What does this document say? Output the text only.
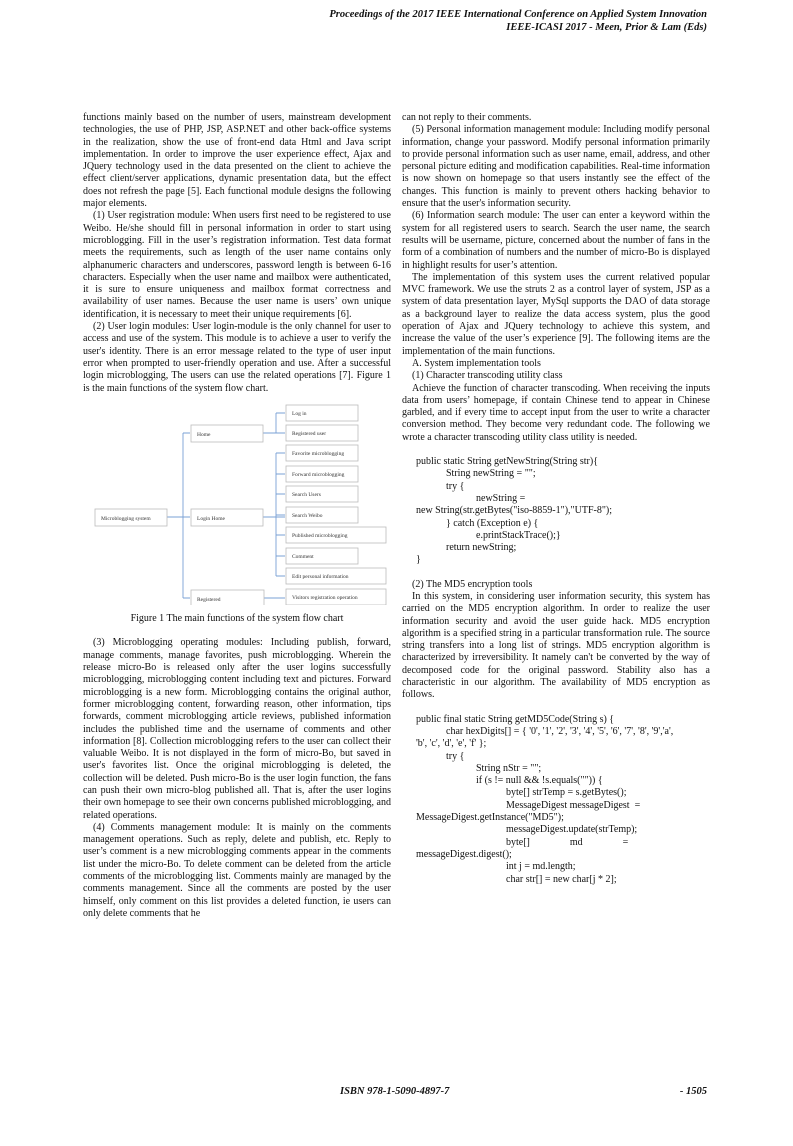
Proceedings of the 2017 IEEE International Conference on Applied System Innovation
IEEE-ICASI 2017 - Meen, Prior & Lam (Eds)

functions mainly based on the number of users, mainstream development technologies, the use of PHP, JSP, ASP.NET and other back-office systems in the realization, show the use of front-end data Html and Java script implementation. In order to improve the user experience effect, Ajax and JQuery technology used in the data presented on the client to achieve the effect client/server applications, dynamic presentation data, but the effect does not refresh the page [5]. Each functional module designs the following major elements.

(1) User registration module: When users first need to be registered to use Weibo. He/she should fill in personal information in order to start using microblogging. Fill in the user’s registration information. Test data format meets the requirements, such as length of the user name contains only alphanumeric characters and underscores, password length is between 6-16 characters. Especially when the user name and mailbox were authenticated, it is sure to ensure uniqueness and mailbox format correctness and availability of user names. Because the user name is users’ own unique identification, it is necessary to meet their unique requirements [6].

(2) User login modules: User login-module is the only channel for user to access and use of the system. This module is to achieve a user to verify the user's identity. There is an error message related to the type of user input error when prompted to user-friendly operation and use. After a successful login microblogging, The users can use the related operations [7]. Figure 1 is the main functions of the system flow chart.

Microblogging system
Home
Login Home
Registered
Log in
Registered user
Favorite microblogging
Forward microblogging
Search Users
Search Weibo
Published microblogging
Comment
Edit personal information
Visitors registration operation
Figure 1 The main functions of the system flow chart

(3) Microblogging operating modules: Including publish, forward, manage comments, manage favorites, push microblogging. Wherein the release micro-Bo is released only after the user logins successfully microblogging, microblogging content including text and pictures. Forward microblogging is a new form. Microblogging contains the original author, former microblogging content, forwarding reason, other information, tips forwards, comment microblogging article reviews, published information includes the published time and the username of comments and other information [8]. Collection microblogging refers to the user can collect their valuable Weibo. It is not displayed in the form of micro-Bo, but saved in user's favorites list. Once the original microblogging is deleted, the collection will be deleted. Push micro-Bo is the user login function, the fans can push their own micro-blog published all. That is, after the user logins their own homepage to see their own concerns published microblogging, and related operations.

(4) Comments management module: It is mainly on the comments management operations. Such as reply, delete and publish, etc. Reply to user’s comment is a new microblogging comments appear in the comments list under the micro-Bo. To delete comment can be deleted from the article comments of the microblogging list. Comments mainly are managed by the comments management. Since all the comments are posted by the user himself, only comment on this list provides a deleted function, ie users can only delete comments that he

can not reply to their comments.

(5) Personal information management module: Including modify personal information, change your password. Modify personal information primarily to provide personal information such as user name, email, address, and other personal picture editing and modification capabilities. Real-time information is now shown on homepage so that users instantly see the effect of the changes. This function is mainly to prevent others hacking behavior to ensure that the user's information security.

(6) Information search module: The user can enter a keyword within the system for all registered users to search. Search the user name, the search results will be username, picture, concerned about the number of fans in the form of a combination of numbers and the number of micro-Bo is displayed in highlight results for user’s attention.

The implementation of this system uses the current relatived popular MVC framework. We use the struts 2 as a control layer of system, JSP as a system of data presentation layer, MySql supports the DAO of data storage as a background layer to realize the data access system, plus the good operation of Ajax and JQuery technology to achieve this system, and increase the value of the user’s experience [9]. The following items are the implementation of the main functions.

A. System implementation tools

(1) Character transcoding utility class

Achieve the function of character transcoding. When receiving the inputs data from users’ homepage, if contain Chinese tend to appear in Chinese garbled, and if every time to accept input from the user to write a character conversion method. They become very redundant code. The following we wrote a character transcoding utility class utility is needed.

public static String getNewString(String str){
String newString = "";
try {
newString =
new String(str.getBytes("iso-8859-1"),"UTF-8");
} catch (Exception e) {
e.printStackTrace();}
return newString;
}

(2) The MD5 encryption tools

In this system, in considering user information security, this system has carried on the MD5 encryption algorithm. In order to realize the user information security and avoid the user guide hack. MD5 encryption algorithm is a specified string in a particular transformation rule. The source string transfers into a long list of strings. MD5 encryption algorithm is characterized by irreversibility. It namely can't be converted by the way of decomposed code for the original password. Stability also has a characteristic in our algorithm. The availability of MD5 encryption as follows.

public final static String getMD5Code(String s) {
char hexDigits[] = { '0', '1', '2', '3', '4', '5', '6', '7', '8', '9','a',
'b', 'c', 'd', 'e', 'f' };
try {
String nStr = "";
if (s != null && !s.equals("")) {
byte[] strTemp = s.getBytes();
MessageDigest messageDigest  =
MessageDigest.getInstance("MD5");
messageDigest.update(strTemp);
byte[]                md                =
messageDigest.digest();
int j = md.length;
char str[] = new char[j * 2];
ISBN 978-1-5090-4897-7	- 1505
